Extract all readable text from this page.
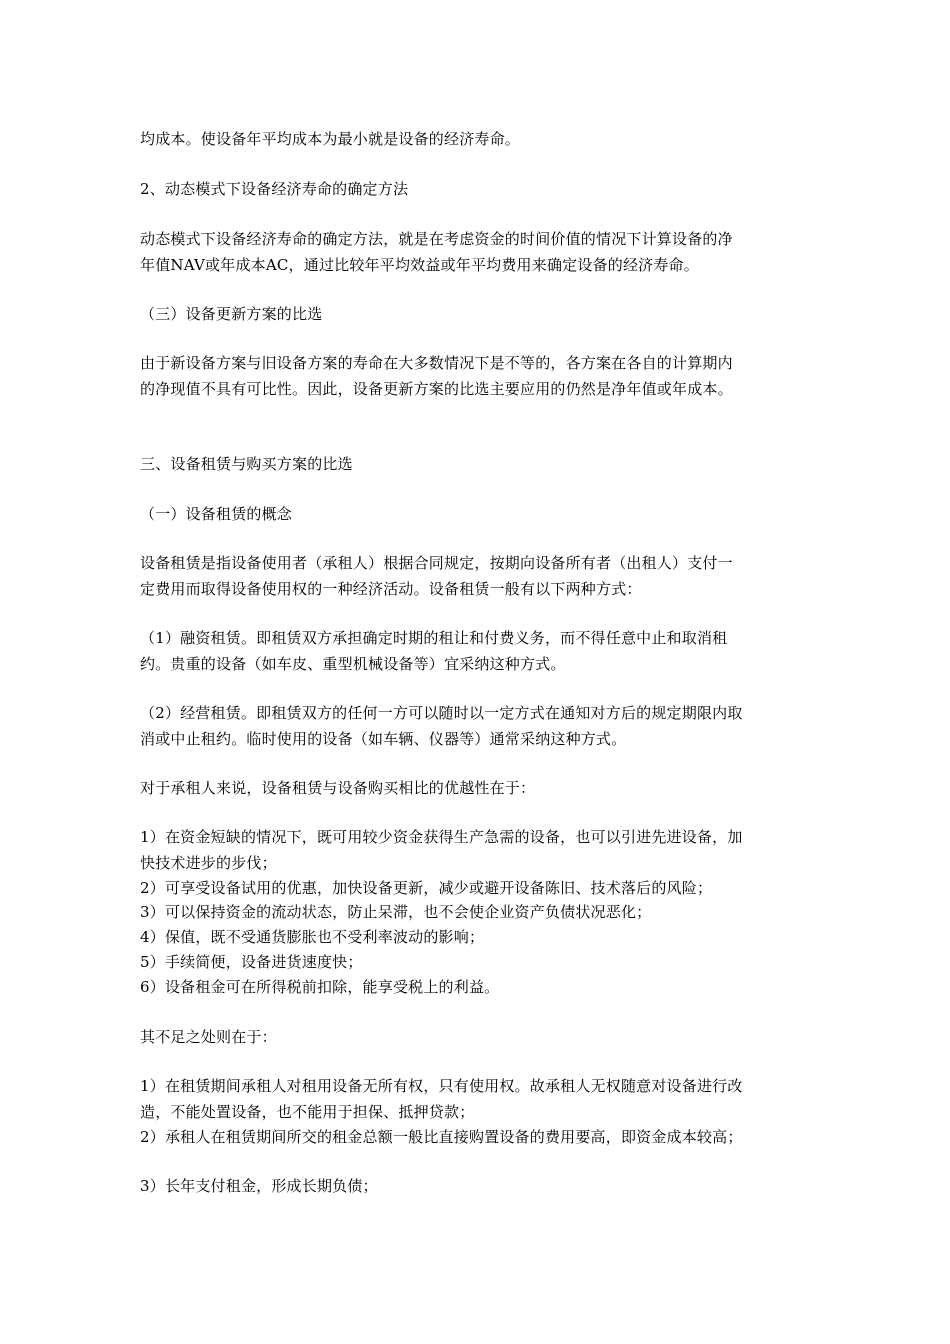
均成本。使设备年平均成本为最小就是设备的经济寿命。
2、动态模式下设备经济寿命的确定方法
动态模式下设备经济寿命的确定方法，就是在考虑资金的时间价值的情况下计算设备的净
年值NAV或年成本AC，通过比较年平均效益或年平均费用来确定设备的经济寿命。
（三）设备更新方案的比选
由于新设备方案与旧设备方案的寿命在大多数情况下是不等的，各方案在各自的计算期内
的净现值不具有可比性。因此，设备更新方案的比选主要应用的仍然是净年值或年成本。
三、设备租赁与购买方案的比选
（一）设备租赁的概念
设备租赁是指设备使用者（承租人）根据合同规定，按期向设备所有者（出租人）支付一
定费用而取得设备使用权的一种经济活动。设备租赁一般有以下两种方式：
（1）融资租赁。即租赁双方承担确定时期的租让和付费义务，而不得任意中止和取消租
约。贵重的设备（如车皮、重型机械设备等）宜采纳这种方式。
（2）经营租赁。即租赁双方的任何一方可以随时以一定方式在通知对方后的规定期限内取
消或中止租约。临时使用的设备（如车辆、仪器等）通常采纳这种方式。
对于承租人来说，设备租赁与设备购买相比的优越性在于：
1）在资金短缺的情况下，既可用较少资金获得生产急需的设备，也可以引进先进设备，加
快技术进步的步伐；
2）可享受设备试用的优惠，加快设备更新，减少或避开设备陈旧、技术落后的风险；
3）可以保持资金的流动状态，防止呆滞，也不会使企业资产负债状况恶化；
4）保值，既不受通货膨胀也不受利率波动的影响；
5）手续简便，设备进货速度快；
6）设备租金可在所得税前扣除，能享受税上的利益。
其不足之处则在于：
1）在租赁期间承租人对租用设备无所有权，只有使用权。故承租人无权随意对设备进行改
造，不能处置设备，也不能用于担保、抵押贷款；
2）承租人在租赁期间所交的租金总额一般比直接购置设备的费用要高，即资金成本较高；
3）长年支付租金，形成长期负债；
